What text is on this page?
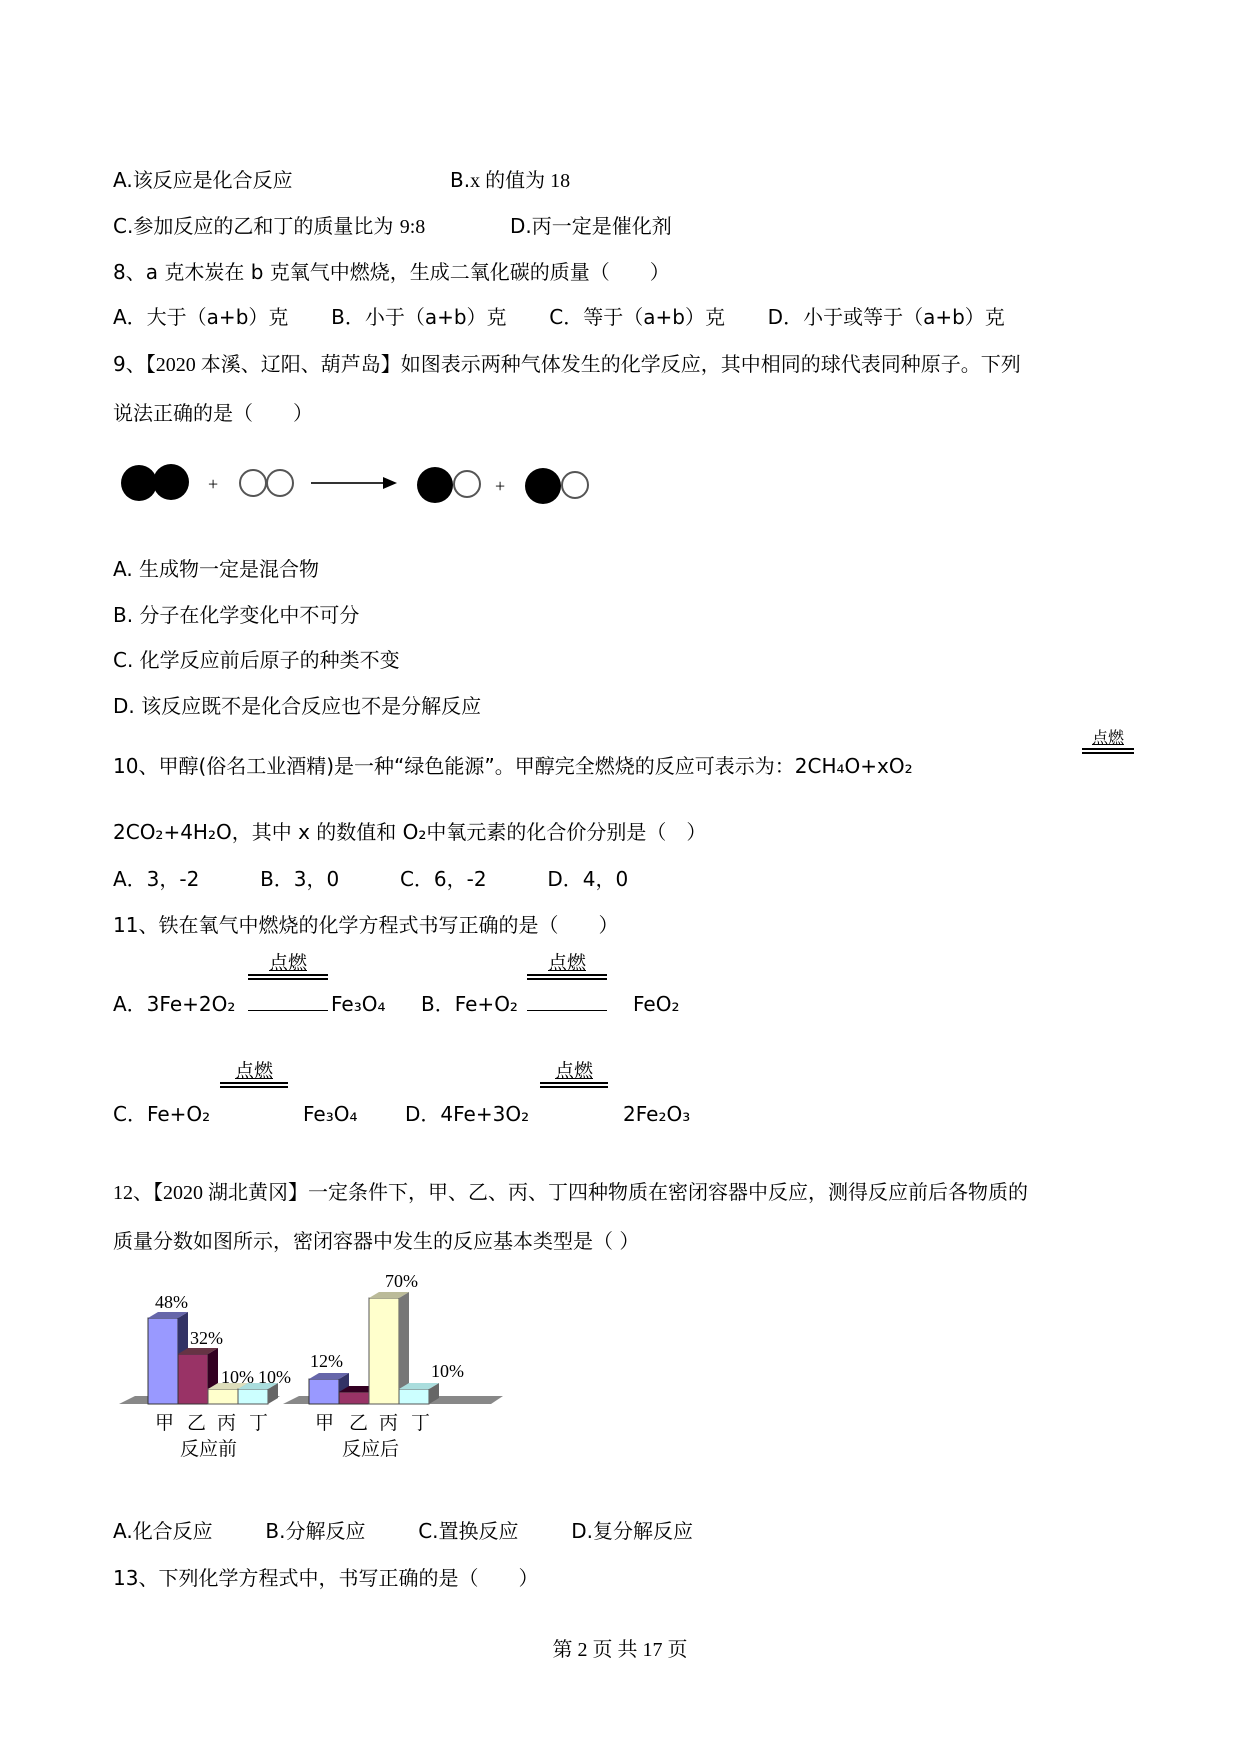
A.该反应是化合反应	B.x 的值为 18
C.参加反应的乙和丁的质量比为 9:8	D.丙一定是催化剂
8、a 克木炭在 b 克氧气中燃烧，生成二氧化碳的质量（　　）
A．大于（a+b）克 B．小于（a+b）克 C．等于（a+b）克 D．小于或等于（a+b）克
9、【2020 本溪、辽阳、葫芦岛】如图表示两种气体发生的化学反应，其中相同的球代表同种原子。下列
说法正确的是（　　）
+	+
A. 生成物一定是混合物
B. 分子在化学变化中不可分
C. 化学反应前后原子的种类不变
D. 该反应既不是化合反应也不是分解反应
10、甲醇(俗名工业酒精)是一种“绿色能源”。甲醇完全燃烧的反应可表示为：2CH₄O+xO₂
点燃
2CO₂+4H₂O，其中 x 的数值和 O₂中氧元素的化合价分别是（　）
A．3，-2	B．3，0	C．6，-2	D．4，0
11、铁在氧气中燃烧的化学方程式书写正确的是（　　）
A．3Fe+2O₂
点燃
Fe₃O₄ B．Fe+O₂
点燃
FeO₂
C．Fe+O₂
点燃
Fe₃O₄ D．4Fe+3O₂
点燃
2Fe₂O₃
12、【2020 湖北黄冈】一定条件下，甲、乙、丙、丁四种物质在密闭容器中反应，测得反应前后各物质的
质量分数如图所示，密闭容器中发生的反应基本类型是（ ）
48%
32%
10% 10%
12%
70%
10%
甲 乙 丙 丁 甲 乙 丙 丁
反应前	反应后
A.化合反应	B.分解反应	C.置换反应	D.复分解反应
13、下列化学方程式中，书写正确的是（　　）
第 2 页 共 17 页
